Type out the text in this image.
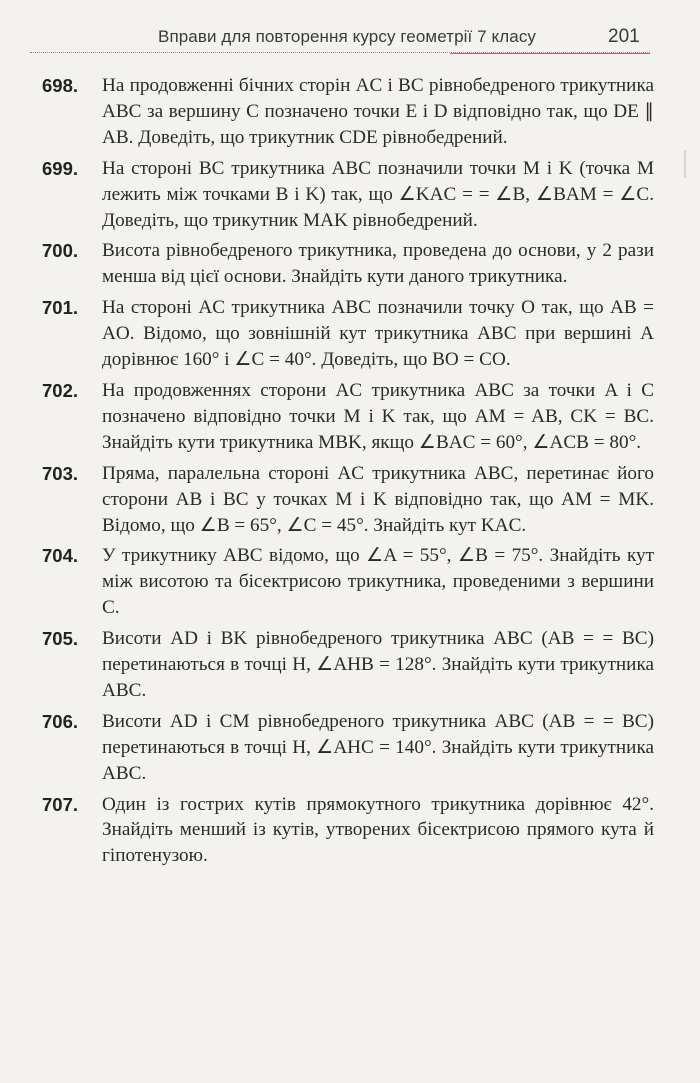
Вправи для повторення курсу геометрії 7 класу	201
698. На продовженні бічних сторін AC і BC рівнобедреного трикутника ABC за вершину C позначено точки E і D відповідно так, що DE ∥ AB. Доведіть, що трикутник CDE рівнобедрений.
699. На стороні BC трикутника ABC позначили точки M і K (точка M лежить між точками B і K) так, що ∠KAC = = ∠B, ∠BAM = ∠C. Доведіть, що трикутник MAK рівнобедрений.
700. Висота рівнобедреного трикутника, проведена до основи, у 2 рази менша від цієї основи. Знайдіть кути даного трикутника.
701. На стороні AC трикутника ABC позначили точку O так, що AB = AO. Відомо, що зовнішній кут трикутника ABC при вершині A дорівнює 160° і ∠C = 40°. Доведіть, що BO = CO.
702. На продовженнях сторони AC трикутника ABC за точки A і C позначено відповідно точки M і K так, що AM = AB, CK = BC. Знайдіть кути трикутника MBK, якщо ∠BAC = 60°, ∠ACB = 80°.
703. Пряма, паралельна стороні AC трикутника ABC, перетинає його сторони AB і BC у точках M і K відповідно так, що AM = MK. Відомо, що ∠B = 65°, ∠C = 45°. Знайдіть кут KAC.
704. У трикутнику ABC відомо, що ∠A = 55°, ∠B = 75°. Знайдіть кут між висотою та бісектрисою трикутника, проведеними з вершини C.
705. Висоти AD і BK рівнобедреного трикутника ABC (AB = = BC) перетинаються в точці H, ∠AHB = 128°. Знайдіть кути трикутника ABC.
706. Висоти AD і CM рівнобедреного трикутника ABC (AB = = BC) перетинаються в точці H, ∠AHC = 140°. Знайдіть кути трикутника ABC.
707. Один із гострих кутів прямокутного трикутника дорівнює 42°. Знайдіть менший із кутів, утворених бісектрисою прямого кута й гіпотенузою.
